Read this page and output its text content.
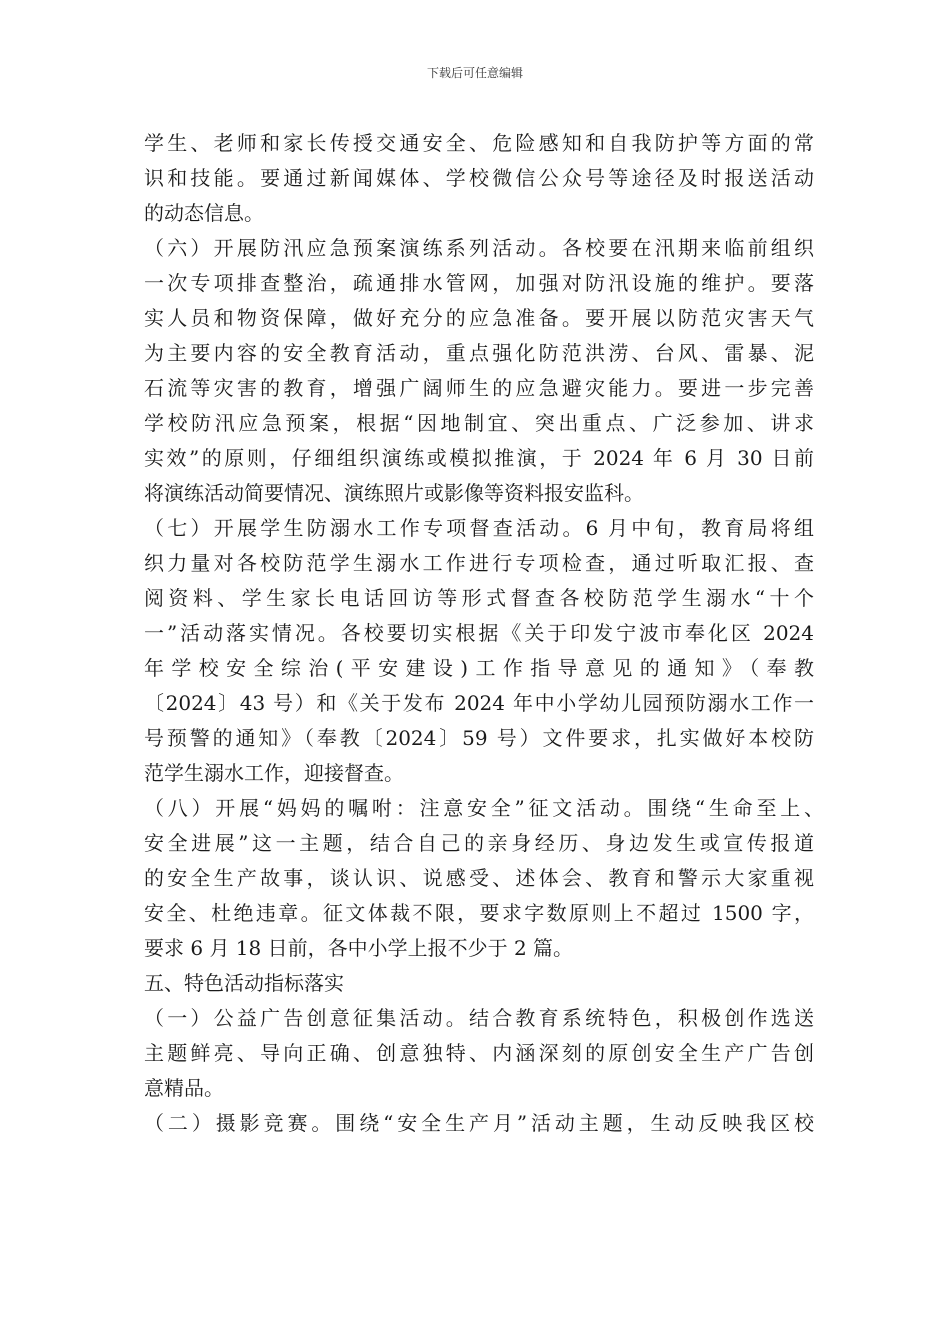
下载后可任意编辑
学生、老师和家长传授交通安全、危险感知和自我防护等方面的常
识和技能。要通过新闻媒体、学校微信公众号等途径及时报送活动
的动态信息。
（六）开展防汛应急预案演练系列活动。各校要在汛期来临前组织
一次专项排查整治，疏通排水管网，加强对防汛设施的维护。要落
实人员和物资保障，做好充分的应急准备。要开展以防范灾害天气
为主要内容的安全教育活动，重点强化防范洪涝、台风、雷暴、泥
石流等灾害的教育，增强广阔师生的应急避灾能力。要进一步完善
学校防汛应急预案，根据“因地制宜、突出重点、广泛参加、讲求
实效”的原则，仔细组织演练或模拟推演，于 2024 年 6 月 30 日前
将演练活动简要情况、演练照片或影像等资料报安监科。
（七）开展学生防溺水工作专项督查活动。6 月中旬，教育局将组
织力量对各校防范学生溺水工作进行专项检查，通过听取汇报、查
阅资料、学生家长电话回访等形式督查各校防范学生溺水“十个
一”活动落实情况。各校要切实根据《关于印发宁波市奉化区 2024
年学校安全综治(平安建设)工作指导意见的通知》（奉教
〔2024〕43 号）和《关于发布 2024 年中小学幼儿园预防溺水工作一
号预警的通知》（奉教〔2024〕59 号）文件要求，扎实做好本校防
范学生溺水工作，迎接督查。
（八）开展“妈妈的嘱咐：注意安全”征文活动。围绕“生命至上、
安全进展”这一主题，结合自己的亲身经历、身边发生或宣传报道
的安全生产故事，谈认识、说感受、述体会、教育和警示大家重视
安全、杜绝违章。征文体裁不限，要求字数原则上不超过 1500 字，
要求 6 月 18 日前，各中小学上报不少于 2 篇。
五、特色活动指标落实
（一）公益广告创意征集活动。结合教育系统特色，积极创作选送
主题鲜亮、导向正确、创意独特、内涵深刻的原创安全生产广告创
意精品。
（二）摄影竞赛。围绕“安全生产月”活动主题，生动反映我区校
